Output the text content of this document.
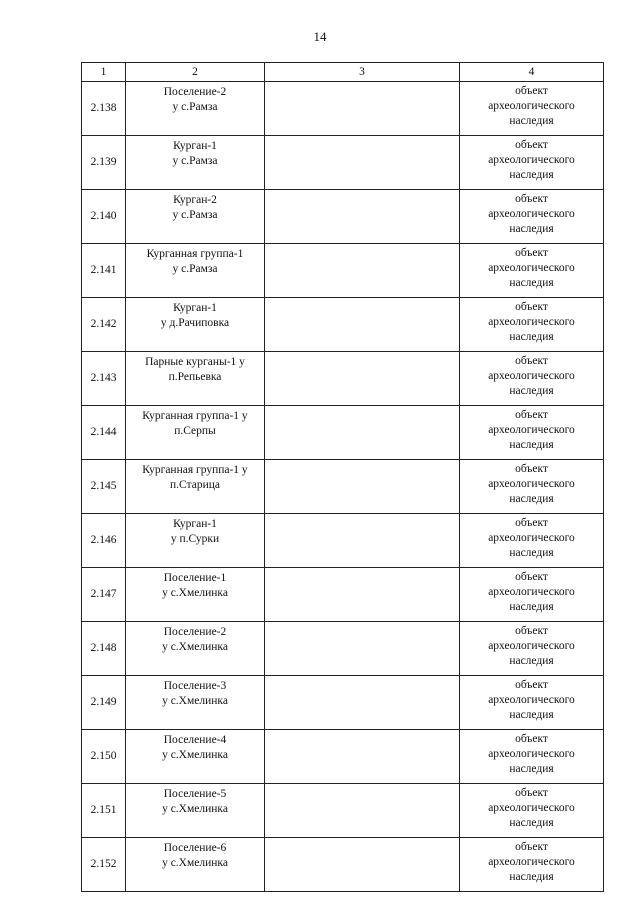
14
1	2	3	4
2.138	Поселение-2
у с.Рамза		объект
археологического
наследия

2.139	Курган-1
у с.Рамза		объект
археологического
наследия

2.140	Курган-2
у с.Рамза		объект
археологического
наследия

2.141	Курганная группа-1
у с.Рамза		объект
археологического
наследия

2.142	Курган-1
у д.Рачиповка		объект
археологического
наследия

2.143	Парные курганы-1 у
п.Репьевка		объект
археологического
наследия

2.144	Курганная группа-1 у
п.Серпы		объект
археологического
наследия

2.145	Курганная группа-1 у
п.Старица		объект
археологического
наследия

2.146	Курган-1
у п.Сурки		объект
археологического
наследия

2.147	Поселение-1
у с.Хмелинка		объект
археологического
наследия

2.148	Поселение-2
у с.Хмелинка		объект
археологического
наследия

2.149	Поселение-3
у с.Хмелинка		объект
археологического
наследия

2.150	Поселение-4
у с.Хмелинка		объект
археологического
наследия

2.151	Поселение-5
у с.Хмелинка		объект
археологического
наследия

2.152	Поселение-6
у с.Хмелинка		объект
археологического
наследия
